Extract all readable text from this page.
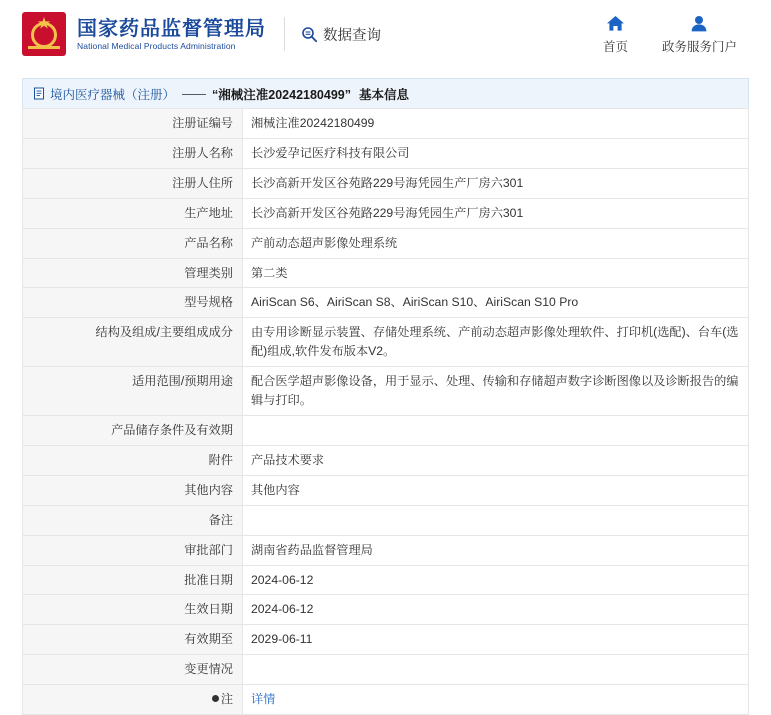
★ 国家药品监督管理局
National Medical Products Administration
数据查询
首页	政务服务门户
境内医疗器械（注册） —— “湘械注准20242180499” 基本信息
注册证编号	湘械注准20242180499
注册人名称	长沙爱孕记医疗科技有限公司
注册人住所	长沙高新开发区谷苑路229号海凭园生产厂房六301
生产地址	长沙高新开发区谷苑路229号海凭园生产厂房六301
产品名称	产前动态超声影像处理系统
管理类别	第二类
型号规格	AiriScan S6、AiriScan S8、AiriScan S10、AiriScan S10 Pro
结构及组成/主要组成成分	由专用诊断显示装置、存储处理系统、产前动态超声影像处理软件、打印机(选配)、台车(选配)组成,软件发布版本V2。
适用范围/预期用途	配合医学超声影像设备，用于显示、处理、传输和存储超声数字诊断图像以及诊断报告的编辑与打印。
产品储存条件及有效期	
附件	产品技术要求
其他内容	其他内容
备注	
审批部门	湖南省药品监督管理局
批准日期	2024-06-12
生效日期	2024-06-12
有效期至	2029-06-11
变更情况	
注	详情
